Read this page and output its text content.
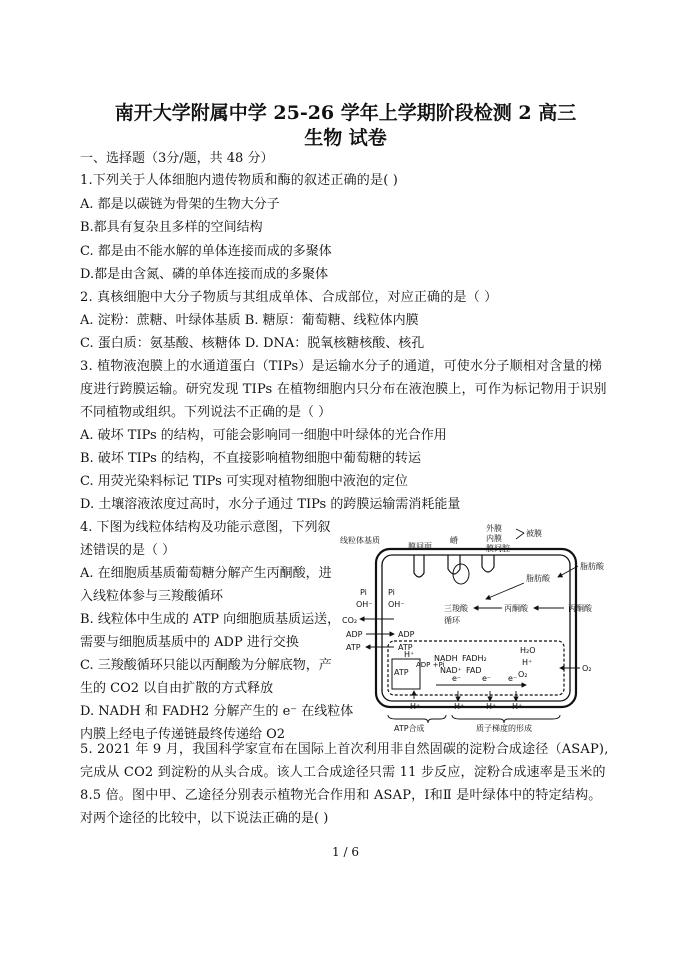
南开大学附属中学 25-26 学年上学期阶段检测 2 高三
生物 试卷
一、选择题（3分/题，共 48 分）
1.下列关于人体细胞内遗传物质和酶的叙述正确的是( )
A. 都是以碳链为骨架的生物大分子
B.都具有复杂且多样的空间结构
C. 都是由不能水解的单体连接而成的多聚体
D.都是由含氮、磷的单体连接而成的多聚体
2. 真核细胞中大分子物质与其组成单体、合成部位，对应正确的是（ ）
A. 淀粉：蔗糖、叶绿体基质 B. 糖原：葡萄糖、线粒体内膜
C. 蛋白质：氨基酸、核糖体 D. DNA：脱氧核糖核酸、核孔
3. 植物液泡膜上的水通道蛋白（TIPs）是运输水分子的通道，可使水分子顺相对含量的梯
度进行跨膜运输。研究发现 TIPs 在植物细胞内只分布在液泡膜上，可作为标记物用于识别
不同植物或组织。下列说法不正确的是（ ）
A. 破坏 TIPs 的结构，可能会影响同一细胞中叶绿体的光合作用
B. 破坏 TIPs 的结构，不直接影响植物细胞中葡萄糖的转运
C. 用荧光染料标记 TIPs 可实现对植物细胞中液泡的定位
D. 土壤溶液浓度过高时，水分子通过 TIPs 的跨膜运输需消耗能量
4. 下图为线粒体结构及功能示意图，下列叙
述错误的是（ ）
A. 在细胞质基质葡萄糖分解产生丙酮酸，进
入线粒体参与三羧酸循环
B. 线粒体中生成的 ATP 向细胞质基质运送，
需要与细胞质基质中的 ADP 进行交换
C. 三羧酸循环只能以丙酮酸为分解底物，产
生的 CO2 以自由扩散的方式释放
D. NADH 和 FADH2 分解产生的 e⁻ 在线粒体
内膜上经电子传递链最终传递给 O2
线粒体基质
膜间面
嵴
外膜
内膜
膜间腔
被膜
脂肪酸
脂肪酸
Pi	Pi
OH⁻ OH⁻
CO₂
ADP
ATP
ADP
ATP
三羧酸
循环
丙酮酸	丙酮酸
NADH FADH₂
NAD⁺ FAD
H₂O
H⁺
O₂
O₂
ATP
ADP +Pi
H⁺
e⁻	e⁻ e⁻
H⁺	H⁺	H⁺ H⁺
ATP合成	质子梯度的形成
5. 2021 年 9 月，我国科学家宣布在国际上首次利用非自然固碳的淀粉合成途径（ASAP),
完成从 CO2 到淀粉的从头合成。该人工合成途径只需 11 步反应，淀粉合成速率是玉米的
8.5 倍。图中甲、乙途径分别表示植物光合作用和 ASAP，Ⅰ和Ⅱ 是叶绿体中的特定结构。
对两个途径的比较中，以下说法正确的是( )
1 / 6
